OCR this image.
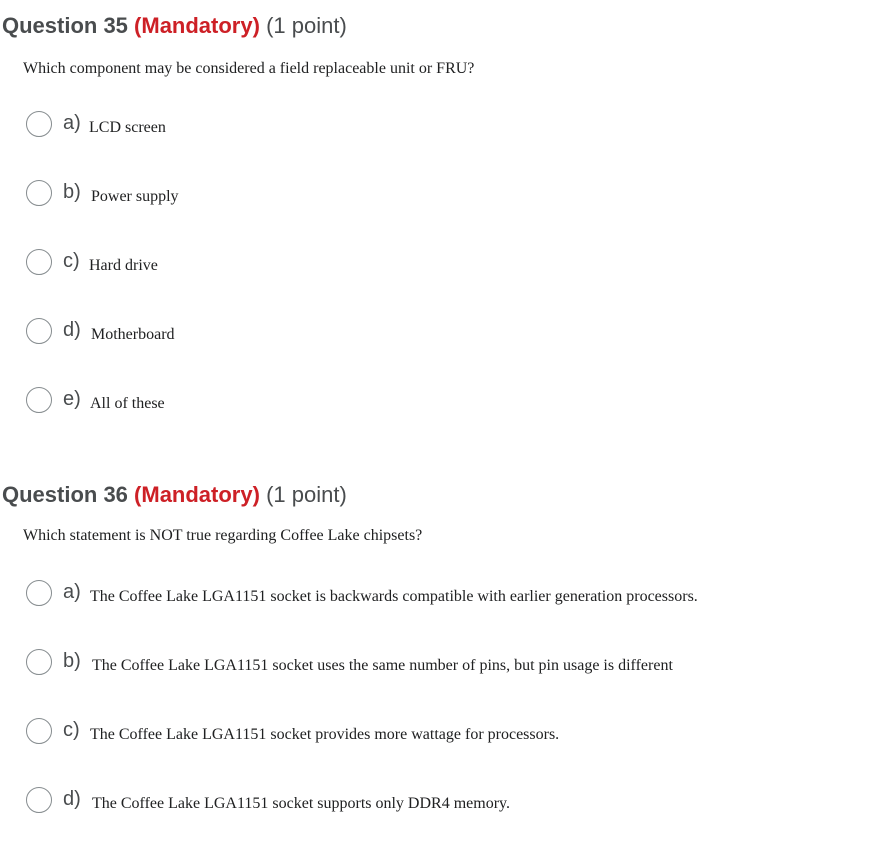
Question 35 (Mandatory) (1 point)
Which component may be considered a field replaceable unit or FRU?
a) LCD screen
b) Power supply
c) Hard drive
d) Motherboard
e) All of these
Question 36 (Mandatory) (1 point)
Which statement is NOT true regarding Coffee Lake chipsets?
a) The Coffee Lake LGA1151 socket is backwards compatible with earlier generation processors.
b) The Coffee Lake LGA1151 socket uses the same number of pins, but pin usage is different
c) The Coffee Lake LGA1151 socket provides more wattage for processors.
d) The Coffee Lake LGA1151 socket supports only DDR4 memory.
